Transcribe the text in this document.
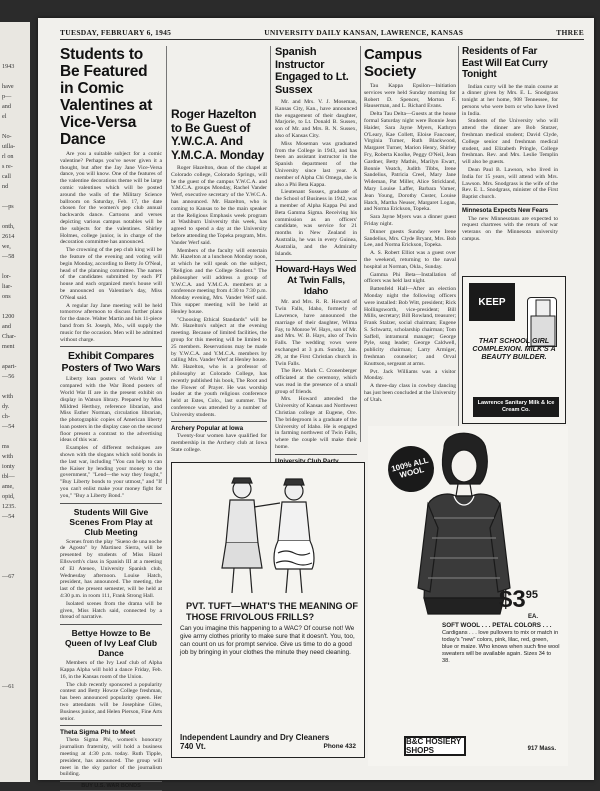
1943

have
p—
and
el

No-
uilla-
rl on
s re-
call
nd

—ps

onth,
2614
we,
—58

lor-
liar-
ons

1200
and
Char-
ment

apart-
—56

with
dy.
ch-
—54

ms
with
ionty
tbl—
ame,
opid,
1235.
—54

—67

—61
TUESDAY, FEBRUARY 6, 1945	UNIVERSITY DAILY KANSAN, LAWRENCE, KANSAS	THREE
Students to Be Featured in Comic Valentines at Vice-Versa Dance

Are you a suitable subject for a comic valentine? Perhaps you've never given it a thought, but after the Jay Jane Vice-Versa dance, you will know. One of the features of the valentine decorations theme will be large comic valentines which will be posted around the walls of the Military Science ballroom on Saturday, Feb. 17, the date chosen for the women's pep club annual backwards dance. Cartoons and verses depicting various campus notables will be the subjects for the valentines. Shirley Holmes, college junior, is in charge of the decoration committee has announced.

The crowning of the pep club king will be the feature of the evening and voting will begin Monday, according to Betty Jo O'Neal, head of the planning committee. The names of the candidates submitted by each PT house and each organized men's house will be announced on Valentine's day, Miss O'Neal said.

A regular Jay Jane meeting will be held tomorrow afternoon to discuss further plans for the dance. Walter Martin and his 11-piece band from St. Joseph, Mo., will supply the music for the occasion. Men will be admitted without charge.

Exhibit Compares Posters of Two Wars

Liberty loan posters of World War I compared with the War Bond posters of World War II are in the present exhibit on display in Watson library. Prepared by Miss Mildred Herthoy, reference librarian, and Miss Esther Norman, circulation librarian, the photographic copies of American liberty loan posters in the display case on the second floor present a contrast to the advertising ideas of this war.

Examples of different techniques are shown with the slogans which sold bonds in the last war, including "You can help to can the Kaiser by lending your money to the government," "Lend—the way they fought," "Buy Liberty bonds to your utmost," and "If you can't enlist make your money fight for you," "Buy a Liberty Bond."

Students Will Give Scenes From Play at Club Meeting

Scenes from the play "Sueno de una noche de Agosto" by Martinez Sierra, will be presented by students of Miss Hazel Ellsworth's class in Spanish III at a meeting of El Ateneo, University Spanish club, Wednesday afternoon. Louise Hatch, president, has announced. The meeting, the last of the present semester, will be held at 4:30 p.m. in room 111, Frank Strong Hall.

Isolated scenes from the drama will be given, Miss Hatch said, connected by a thread of narrative.

Bettye Howze to Be Queen of Ivy Leaf Club Dance

Members of the Ivy Leaf club of Alpha Kappa Alpha will hold a dance Friday, Feb. 16, in the Kansas room of the Union.

The club recently sponsored a popularity contest and Betty Howze College freshman, has been announced popularity queen. Her two attendants will be Josephine Giles, Business junior, and Helen Pierson, Fine Arts senior.

Theta Sigma Phi to Meet

Theta Sigma Phi, women's honorary journalism fraternity, will hold a business meeting at 4:30 p.m. today. Ruth Tipple, president, has announced. The group will meet in the sky parlor of the journalism building.

BUY U.S. WAR BONDS
Roger Hazelton to Be Guest of Y.W.C.A. And Y.M.C.A. Monday

Roger Hazelton, dean of the chapel at Colorado college, Colorado Springs, will be the guest of the campus Y.W.C.A. and Y.M.C.A. groups Monday, Rachel Vander Werf, executive secretary of the Y.W.C.A. has announced. Mr. Hazelton, who is coming to Kansas to be the main speaker at the Religious Emphasis week program at Washburn University this week, has agreed to spend a day at the University before attending the Topeka program, Mrs. Vander Werf said.

Members of the faculty will entertain Mr. Hazelton at a luncheon Monday noon, at which he will speak on the subject, "Religion and the College Student." The philosopher will address a group of Y.W.C.A. and Y.M.C.A. members at a conference meeting from 4:30 to 7:30 p.m. Monday evening, Mrs. Vander Werf said. This supper meeting will be held at Henley house.

"Choosing Ethical Standards" will be Mr. Hazelton's subject at the evening meeting. Because of limited facilities, the group for this meeting will be limited to 25 members. Reservations may be made by Y.W.C.A. and Y.M.C.A. members by calling Mrs. Vander Werf at Henley house. Mr. Hazelton, who is a professor of philosophy at Colorado College, has recently published his book, The Root and the Flower of Prayer. He was worship leader at the youth religious conference held at Estes, Colo., last summer. The conference was attended by a number of University students.

Archery Popular at Iowa

Twenty-four women have qualified for membership in the Archery club at Iowa State college.

Spanish Instructor Engaged to Lt. Sussex

Mr. and Mrs. V. J. Moseman, Kansas City, Kan., have announced the engagement of their daughter, Marjorie, to Lt. Donald B. Sussex, son of Mr. and Mrs. R. N. Sussex, also of Kansas City.

Miss Moseman was graduated from the College in 1943, and has been an assistant instructor in the Spanish department of the University since last year. A member of Alpha Chi Omega, she is also a Phi Beta Kappa.

Lieutenant Sussex, graduate of the School of Business in 1942, was a member of Alpha Kappa Psi and Beta Gamma Sigma. Receiving his commission as an officers' candidate, was service for 21 months in New Zealand in Australia, he was in every Guinea, Australia, and the Admiralty Islands.

Howard-Hays Wed At Twin Falls, Idaho

Mr. and Mrs. R. R. Howard of Twin Falls, Idaho, formerly of Lawrence, have announced the marriage of their daughter, Wilma Fay, to Monroe W. Hays, son of Mr. and Mrs. W. B. Hays, also of Twin Falls. The wedding vows were exchanged at 3 p.m. Sunday, Jan. 28, at the First Christian church in Twin Falls.

The Rev. Mark C. Cronenberger officiated at the ceremony, which was read in the presence of a small group of friends.

Mrs. Howard attended the University of Kansas and Northwest Christian college at Eugene, Ore. The bridegroom is a graduate of the University of Idaho. He is engaged in farming northwest of Twin Falls, where the couple will make their home.

Campus Society

Tau Kappa Epsilon—Initiation services were held Sunday morning for Robert D. Spencer, Morton F. Hauserman, and L. Richard Evans.

Delta Tau Delta—Guests at the house formal Saturday night were Bonnie Jean Haider, Sara Jayne Myers, Kathryn O'Leary, Kae Collett, Eloise Faucouer, Virginia Turner, Ruth Blackwood, Margaret Turner, Marion Henry, Shirley Fry, Roberta Knolke, Peggy O'Neil, Jean Gardner, Betty Mathis, Marilyn Ewart, Bonnie Veatch, Judith Tibbs, Irene Sandelius, Patricia Creel, Mary Jane Wideman, Pat Miller, Alice Strickland, Mary Louise Laffer, Barbara Varner, Jean Young, Dorothy Custer, Louise Hatch, Martha Neuser, Margaret Logan, and Norma Erickson, Topeka.

Sara Jayne Myers was a dinner guest Friday night.

Dinner guests Sunday were Irene Sandelius, Mrs. Clyde Bryant, Mrs. Bob Lee, and Norma Erickson, Topeka.

A. S. Robert Elliot was a guest over the weekend, returning to the naval hospital at Norman, Okla., Sunday.

Gamma Phi Beta—Installation of officers was held last night.

Battenfeld Hall—After an election Monday night the following officers were installed: Bob Witt, president; Rick Hollingsworth, vice-president; Bill Mills, secretary; Bill Rowland, treasurer; Frank Stalzer, social chairman; Eugene S. Schwartz, scholarship chairman; Tom Saffell, intramural manager; George Pyle, song leader; George Caldwell, publicity chairman; Larry Armiger, freshman counselor; and Orval Knuttson, sergeant at arms.

Pvt. Jack Williams was a visitor Monday.

A three-day class in cowboy dancing has just been concluded at the University of Utah.

Residents of Far East Will Eat Curry Tonight

Indian curry will be the main course at a dinner given by Mrs. E. L. Snodgrass tonight at her home, 908 Tennessee, for persons who were born or who have lived in India.

Students of the University who will attend the dinner are Bob Stutzer, freshman medical student; David Clyde, College senior and freshman medical student, and Elizabeth Pringle, College freshman. Rev. and Mrs. Leslie Templin will also be guests.

Dean Paul B. Lawson, who lived in India for 15 years, will attend with Mrs. Lawson. Mrs. Snodgrass is the wife of the Rev. E. L. Snodgrass, minister of the First Baptist church.

Minnesota Expects New Fears

The new Minnesotans are expected to request chartrees with the return of war veterans on the Minnesota university campus.

KEEP
THAT SCHOOL GIRL COMPLEXION. MILK'S A BEAUTY BUILDER.
Lawrence Sanitary Milk & Ice Cream Co.
PVT. TUFT—WHAT'S THE MEANING OF THOSE FRIVOLOUS FRILLS?
Can you imagine this happening to a WAC? Of course not! We give army clothes priority to make sure that it doesn't. You, too, can count on us for prompt service. Give us time to do a good job by bringing in your clothes the minute they need cleaning.
Independent Laundry and Dry Cleaners
740 Vt.	Phone 432
100% ALL WOOL
$\$3^{95}$
EA.
SOFT WOOL . . . PETAL COLORS . . .
Cardigans . . . love pullovers to mix or match in today's "new" colors, pink, lilac, red, green, blue or maize. Who knows when such fine wool sweaters will be available again. Sizes 34 to 38.
B&C HOSIERY SHOPS	917 Mass.
